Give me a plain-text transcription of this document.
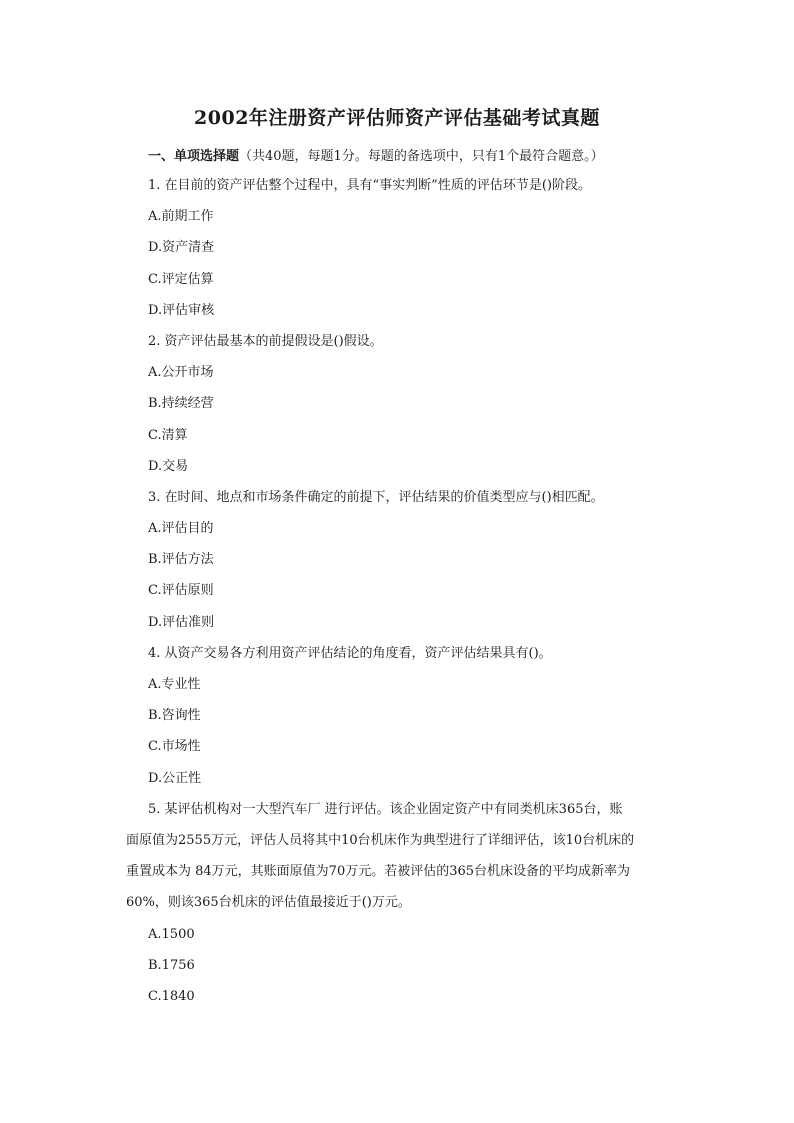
2002年注册资产评估师资产评估基础考试真题
一、单项选择题（共40题，每题1分。每题的备选项中，只有1个最符合题意。）
1. 在目前的资产评估整个过程中，具有“事实判断”性质的评估环节是()阶段。
A.前期工作
D.资产清查
C.评定估算
D.评估审核
2. 资产评估最基本的前提假设是()假设。
A.公开市场
B.持续经营
C.清算
D.交易
3. 在时间、地点和市场条件确定的前提下，评估结果的价值类型应与()相匹配。
A.评估目的
B.评估方法
C.评估原则
D.评估准则
4. 从资产交易各方利用资产评估结论的角度看，资产评估结果具有()。
A.专业性
B.咨询性
C.市场性
D.公正性
5. 某评估机构对一大型汽车厂 进行评估。该企业固定资产中有同类机床365台，账
面原值为2555万元，评估人员将其中10台机床作为典型进行了详细评估，该10台机床的
重置成本为 84万元，其账面原值为70万元。若被评估的365台机床设备的平均成新率为
60%，则该365台机床的评估值最接近于()万元。
A.1500
B.1756
C.1840
